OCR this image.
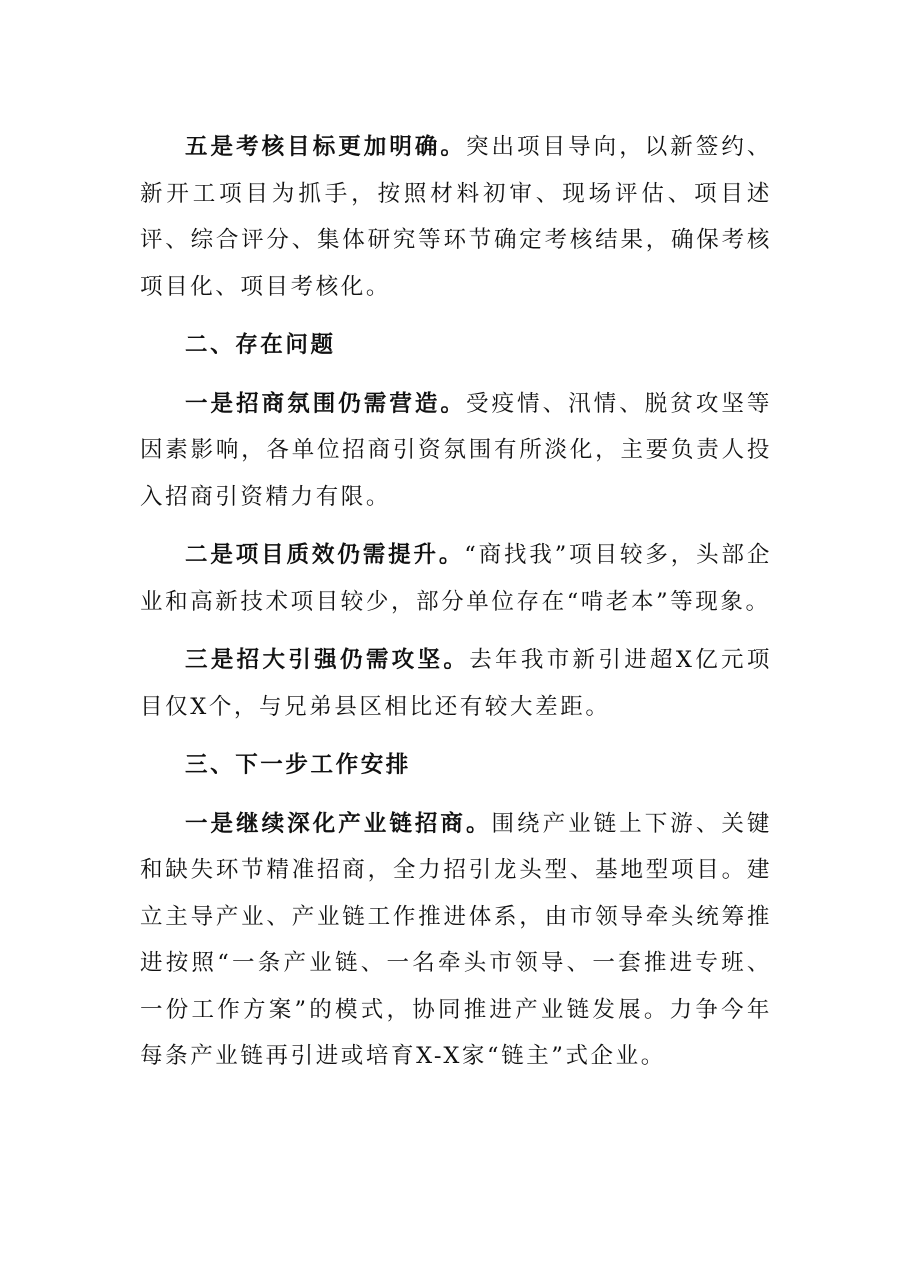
五是考核目标更加明确。突出项目导向，以新签约、新开工项目为抓手，按照材料初审、现场评估、项目述评、综合评分、集体研究等环节确定考核结果，确保考核项目化、项目考核化。

二、存在问题

一是招商氛围仍需营造。受疫情、汛情、脱贫攻坚等因素影响，各单位招商引资氛围有所淡化，主要负责人投入招商引资精力有限。

二是项目质效仍需提升。“商找我”项目较多，头部企业和高新技术项目较少，部分单位存在“啃老本”等现象。

三是招大引强仍需攻坚。去年我市新引进超X亿元项目仅X个，与兄弟县区相比还有较大差距。

三、下一步工作安排

一是继续深化产业链招商。围绕产业链上下游、关键和缺失环节精准招商，全力招引龙头型、基地型项目。建立主导产业、产业链工作推进体系，由市领导牵头统筹推进按照“一条产业链、一名牵头市领导、一套推进专班、一份工作方案”的模式，协同推进产业链发展。力争今年每条产业链再引进或培育X-X家“链主”式企业。
